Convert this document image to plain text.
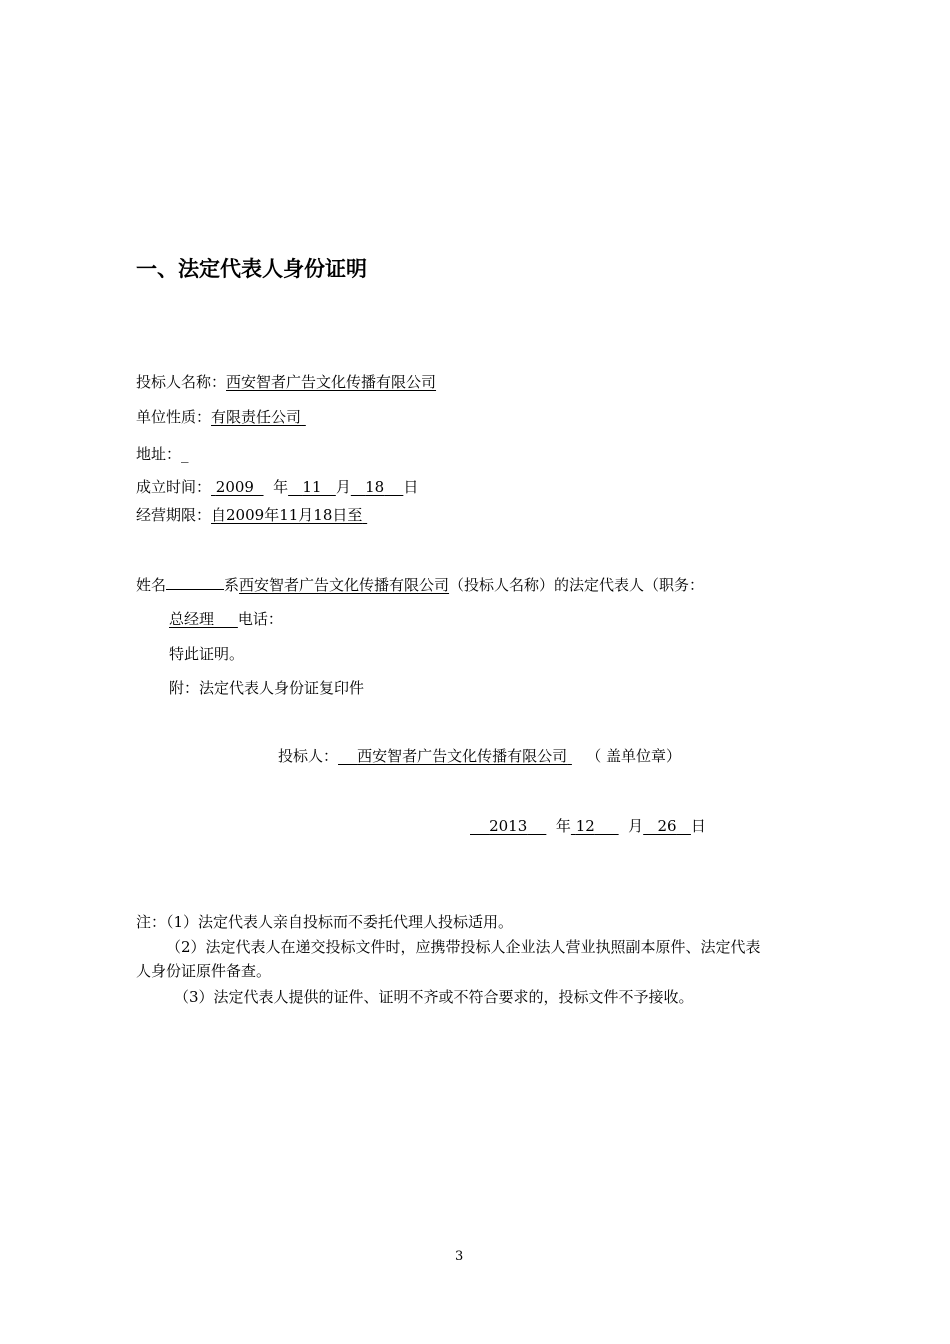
一、法定代表人身份证明
投标人名称：西安智者广告文化传播有限公司
单位性质：有限责任公司
地址：_
成立时间： 2009 年 11 月 18 日
经营期限：自2009年11月18日至
姓名	系西安智者广告文化传播有限公司（投标人名称）的法定代表人（职务：
总经理 电话：
特此证明。
附：法定代表人身份证复印件
投标人： 西安智者广告文化传播有限公司 （ 盖单位章）
2013 年 12 月 26 日
注：（1）法定代表人亲自投标而不委托代理人投标适用。
（2）法定代表人在递交投标文件时，应携带投标人企业法人营业执照副本原件、法定代表
人身份证原件备查。
（3）法定代表人提供的证件、证明不齐或不符合要求的，投标文件不予接收。
3
